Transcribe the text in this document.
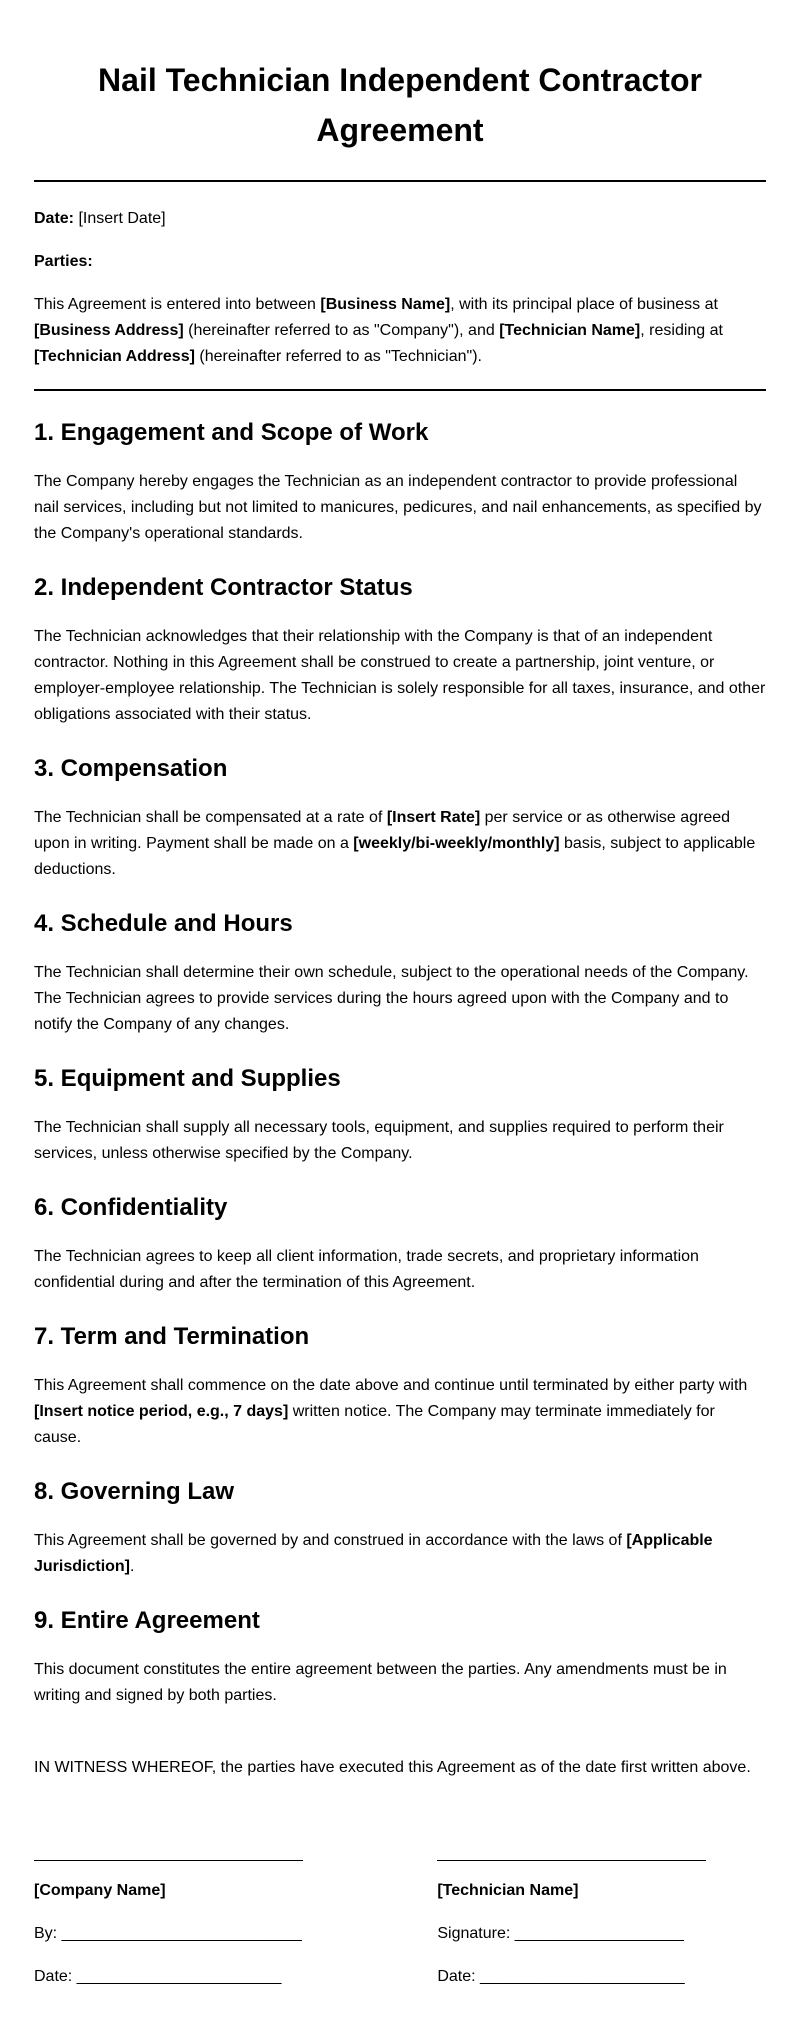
Nail Technician Independent Contractor Agreement

Date: [Insert Date]

Parties:

This Agreement is entered into between [Business Name], with its principal place of business at [Business Address] (hereinafter referred to as "Company"), and [Technician Name], residing at [Technician Address] (hereinafter referred to as "Technician").

1. Engagement and Scope of Work

The Company hereby engages the Technician as an independent contractor to provide professional nail services, including but not limited to manicures, pedicures, and nail enhancements, as specified by the Company's operational standards.

2. Independent Contractor Status

The Technician acknowledges that their relationship with the Company is that of an independent contractor. Nothing in this Agreement shall be construed to create a partnership, joint venture, or employer-employee relationship. The Technician is solely responsible for all taxes, insurance, and other obligations associated with their status.

3. Compensation

The Technician shall be compensated at a rate of [Insert Rate] per service or as otherwise agreed upon in writing. Payment shall be made on a [weekly/bi-weekly/monthly] basis, subject to applicable deductions.

4. Schedule and Hours

The Technician shall determine their own schedule, subject to the operational needs of the Company. The Technician agrees to provide services during the hours agreed upon with the Company and to notify the Company of any changes.

5. Equipment and Supplies

The Technician shall supply all necessary tools, equipment, and supplies required to perform their services, unless otherwise specified by the Company.

6. Confidentiality

The Technician agrees to keep all client information, trade secrets, and proprietary information confidential during and after the termination of this Agreement.

7. Term and Termination

This Agreement shall commence on the date above and continue until terminated by either party with [Insert notice period, e.g., 7 days] written notice. The Company may terminate immediately for cause.

8. Governing Law

This Agreement shall be governed by and construed in accordance with the laws of [Applicable Jurisdiction].

9. Entire Agreement

This document constitutes the entire agreement between the parties. Any amendments must be in writing and signed by both parties.

IN WITNESS WHEREOF, the parties have executed this Agreement as of the date first written above.

[Company Name]

By: ___________________________

Date: _______________________

[Technician Name]

Signature: ___________________

Date: _______________________
